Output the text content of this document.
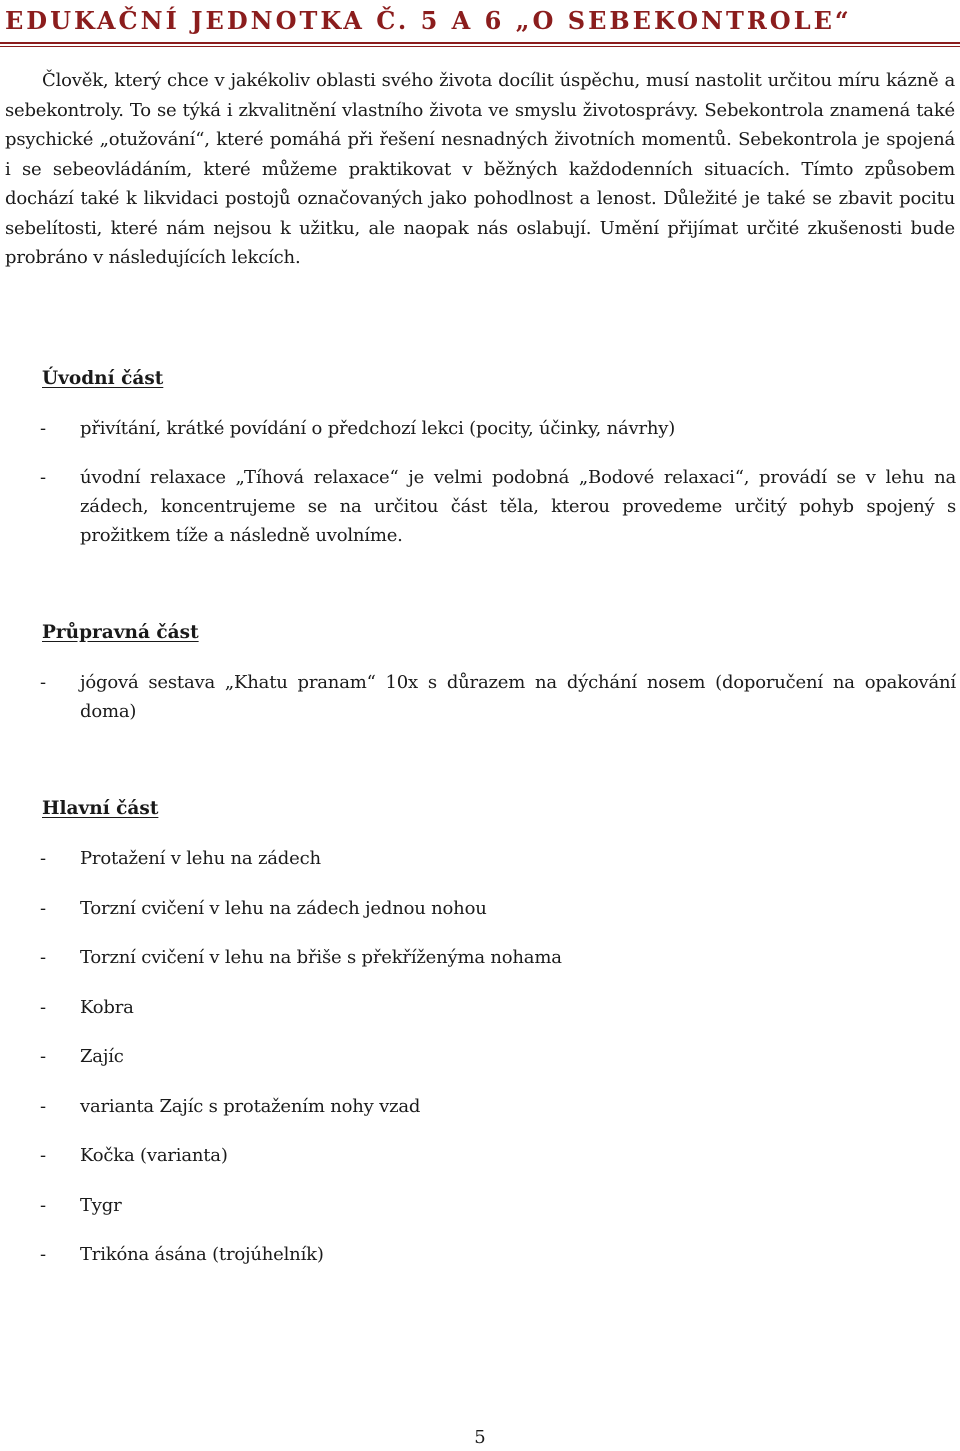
EDUKAČNÍ JEDNOTKA Č. 5 A 6 „O SEBEKONTROLE“

Člověk, který chce v jakékoliv oblasti svého života docílit úspěchu, musí nastolit určitou míru kázně a sebekontroly. To se týká i zkvalitnění vlastního života ve smyslu životosprávy. Sebekontrola znamená také psychické „otužování“, které pomáhá při řešení nesnadných životních momentů. Sebekontrola je spojená i se sebeovládáním, které můžeme praktikovat v běžných každodenních situacích. Tímto způsobem dochází také k likvidaci postojů označovaných jako pohodlnost a lenost. Důležité je také se zbavit pocitu sebelítosti, které nám nejsou k užitku, ale naopak nás oslabují. Umění přijímat určité zkušenosti bude probráno v následujících lekcích.

Úvodní část
- přivítání, krátké povídání o předchozí lekci (pocity, účinky, návrhy)
- úvodní relaxace „Tíhová relaxace“ je velmi podobná „Bodové relaxaci“, provádí se v lehu na zádech, koncentrujeme se na určitou část těla, kterou provedeme určitý pohyb spojený s prožitkem tíže a následně uvolníme.
Průpravná část
- jógová sestava „Khatu pranam“ 10x s důrazem na dýchání nosem (doporučení na opakování doma)
Hlavní část
- Protažení v lehu na zádech
- Torzní cvičení v lehu na zádech jednou nohou
- Torzní cvičení v lehu na břiše s překříženýma nohama
- Kobra
- Zajíc
- varianta Zajíc s protažením nohy vzad
- Kočka (varianta)
- Tygr
- Trikóna ásána (trojúhelník)
5
